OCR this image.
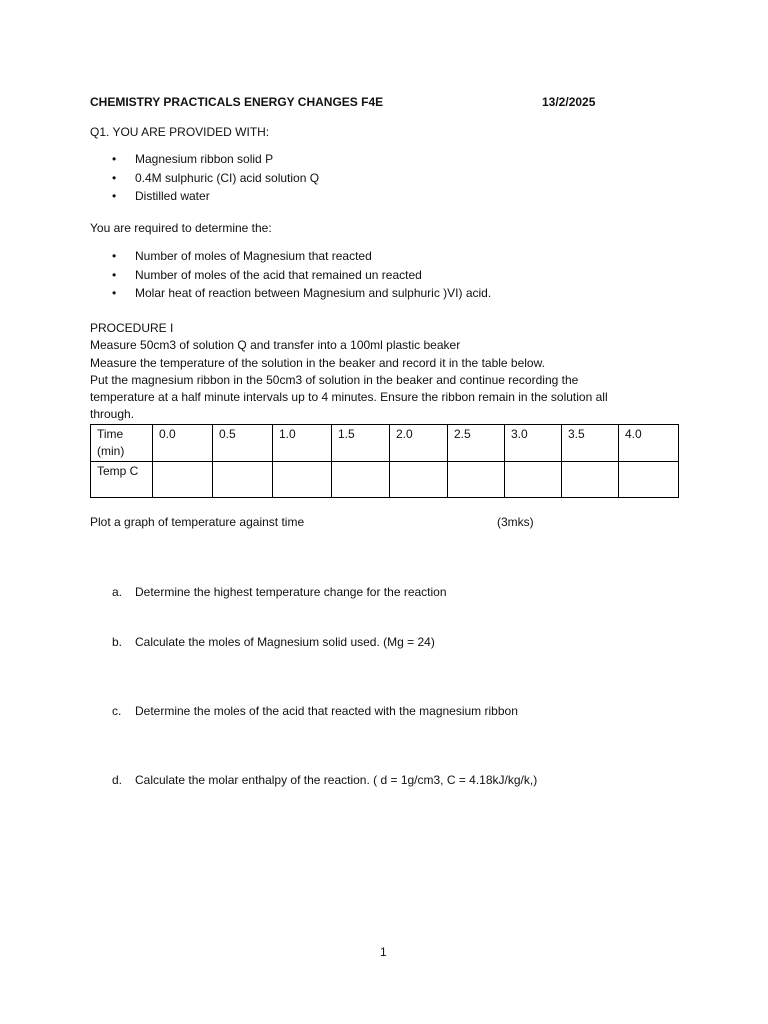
CHEMISTRY PRACTICALS ENERGY CHANGES F4E	13/2/2025
Q1. YOU ARE PROVIDED WITH:
• Magnesium ribbon solid P
• 0.4M sulphuric (CI) acid solution Q
• Distilled water
You are required to determine the:
• Number of moles of Magnesium that reacted
• Number of moles of the acid that remained un reacted
• Molar heat of reaction between Magnesium and sulphuric )VI) acid.
PROCEDURE I
Measure 50cm3 of solution Q and transfer into a 100ml plastic beaker
Measure the temperature of the solution in the beaker and record it in the table below.
Put the magnesium ribbon in the 50cm3 of solution in the beaker and continue recording the
temperature at a half minute intervals up to 4 minutes. Ensure the ribbon remain in the solution all
through.
Time (min)	0.0	0.5	1.0	1.5	2.0	2.5	3.0	3.5	4.0
Temp C									
Plot a graph of temperature against time	(3mks)
a. Determine the highest temperature change for the reaction
b. Calculate the moles of Magnesium solid used. (Mg = 24)
c. Determine the moles of the acid that reacted with the magnesium ribbon
d. Calculate the molar enthalpy of the reaction. ( d = 1g/cm3, C = 4.18kJ/kg/k,)
1
